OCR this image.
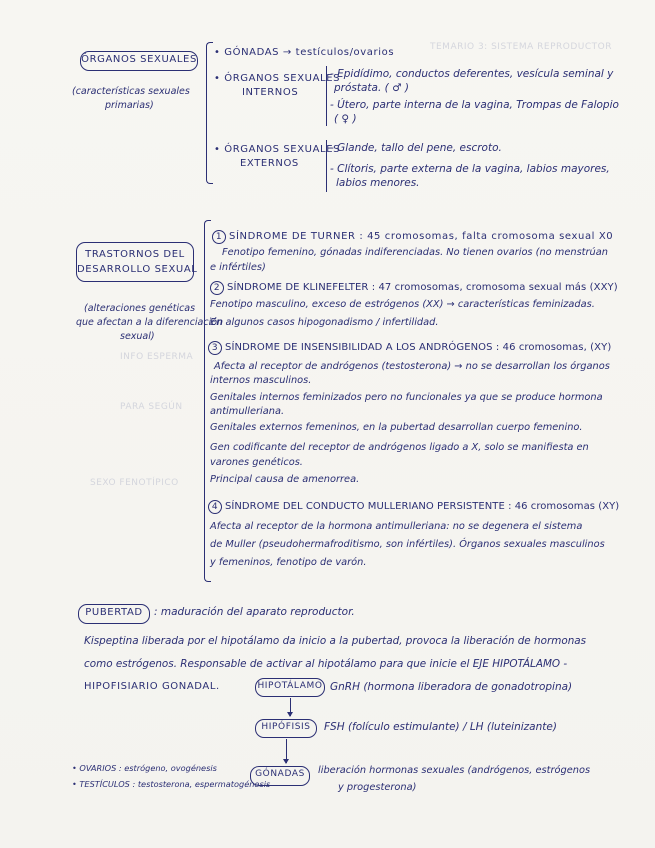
TEMARIO 3: SISTEMA REPRODUCTOR
INFO ESPERMA
PARA SEGÚN
SEXO FENOTÍPICO
ÓRGANOS SEXUALES
(características sexuales
primarias)
• GÓNADAS → testículos/ovarios
• ÓRGANOS SEXUALES
INTERNOS
- Epidídimo, conductos deferentes, vesícula seminal y
próstata. ( ♂ )
- Útero, parte interna de la vagina, Trompas de Falopio
( ♀ )
• ÓRGANOS SEXUALES
EXTERNOS
- Glande, tallo del pene, escroto.
- Clítoris, parte externa de la vagina, labios mayores,
labios menores.
TRASTORNOS DEL
DESARROLLO SEXUAL
(alteraciones genéticas
que afectan a la diferenciación
sexual)
1 SÍNDROME DE TURNER : 45 cromosomas, falta cromosoma sexual X0
Fenotipo femenino, gónadas indiferenciadas. No tienen ovarios (no menstrúan
e infértiles)
2 SÍNDROME DE KLINEFELTER : 47 cromosomas, cromosoma sexual más (XXY)
Fenotipo masculino, exceso de estrógenos (XX) → características feminizadas.
En algunos casos hipogonadismo / infertilidad.
3 SÍNDROME DE INSENSIBILIDAD A LOS ANDRÓGENOS : 46 cromosomas, (XY)
Afecta al receptor de andrógenos (testosterona) → no se desarrollan los órganos
internos masculinos.
Genitales internos feminizados pero no funcionales ya que se produce hormona
antimulleriana.
Genitales externos femeninos, en la pubertad desarrollan cuerpo femenino.
Gen codificante del receptor de andrógenos ligado a X, solo se manifiesta en
varones genéticos.
Principal causa de amenorrea.
4 SÍNDROME DEL CONDUCTO MULLERIANO PERSISTENTE : 46 cromosomas (XY)
Afecta al receptor de la hormona antimulleriana: no se degenera el sistema
de Muller (pseudohermafroditismo, son infértiles). Órganos sexuales masculinos
y femeninos, fenotipo de varón.
PUBERTAD	: maduración del aparato reproductor.
Kispeptina liberada por el hipotálamo da inicio a la pubertad, provoca la liberación de hormonas
como estrógenos. Responsable de activar al hipotálamo para que inicie el EJE HIPOTÁLAMO -
HIPOFISIARIO GONADAL.	HIPOTÁLAMO GnRH (hormona liberadora de gonadotropina)
HIPÓFISIS	FSH (folículo estimulante) / LH (luteinizante)
GÓNADAS	liberación hormonas sexuales (andrógenos, estrógenos
y progesterona)
• OVARIOS : estrógeno, ovogénesis
• TESTÍCULOS : testosterona, espermatogénesis
